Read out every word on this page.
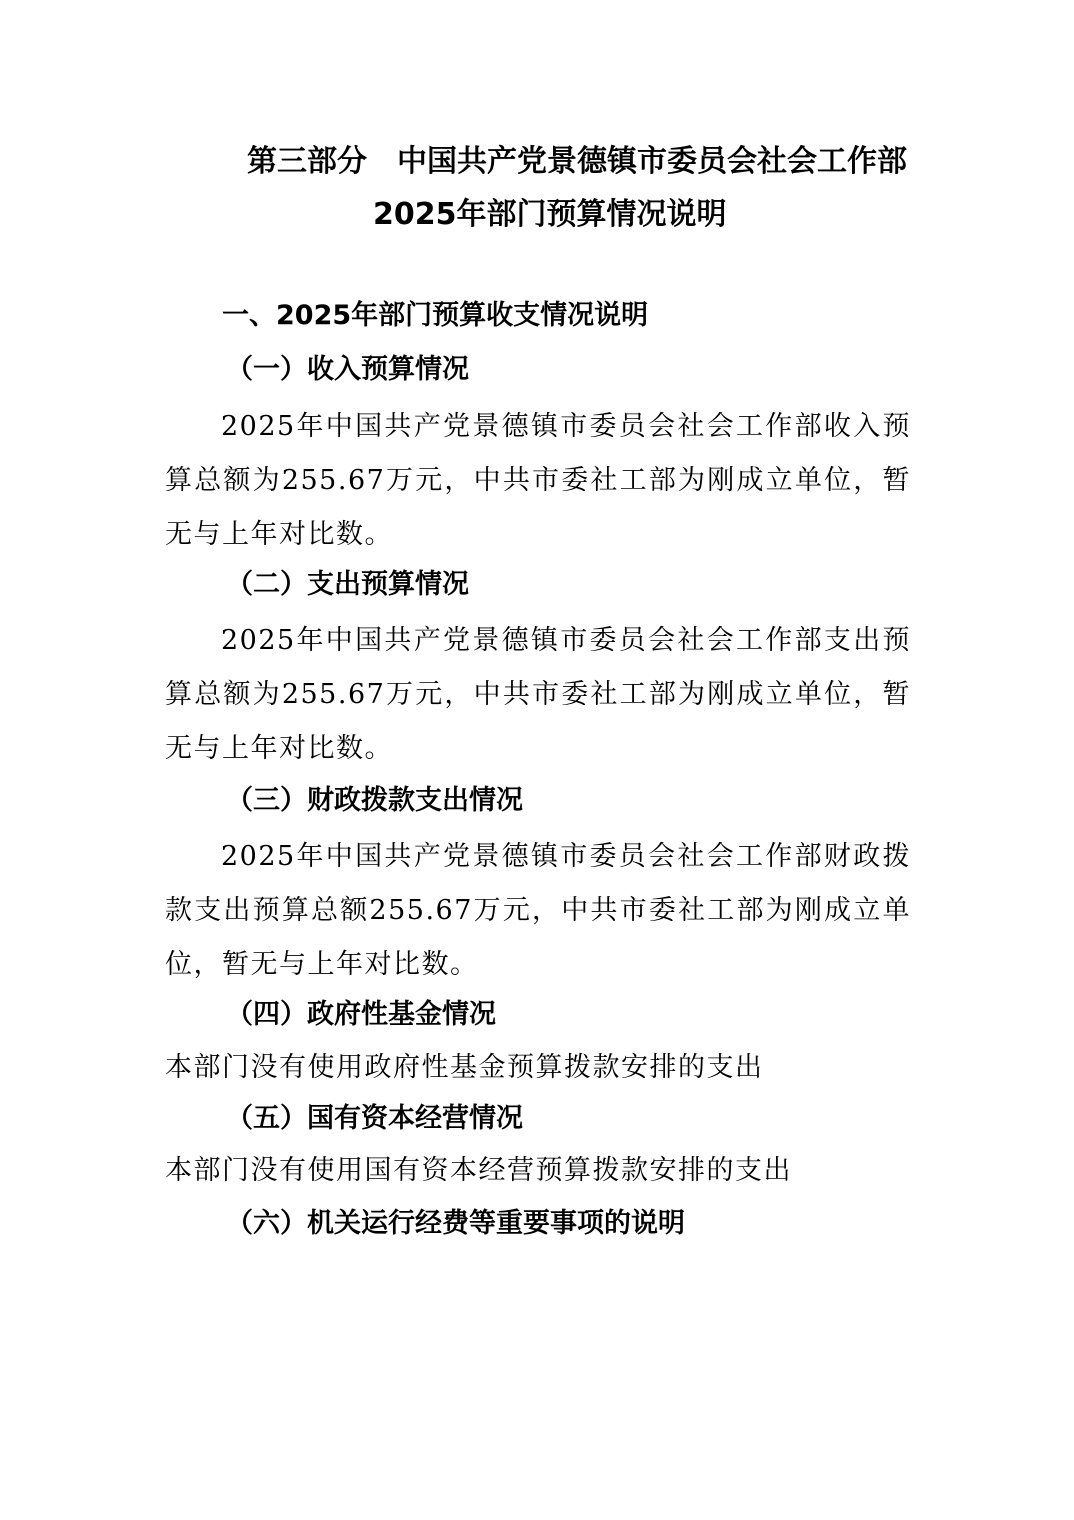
第三部分　中国共产党景德镇市委员会社会工作部
2025年部门预算情况说明
一、2025年部门预算收支情况说明
（一）收入预算情况
2025年中国共产党景德镇市委员会社会工作部收入预算总额为255.67万元，中共市委社工部为刚成立单位，暂无与上年对比数。
（二）支出预算情况
2025年中国共产党景德镇市委员会社会工作部支出预算总额为255.67万元，中共市委社工部为刚成立单位，暂无与上年对比数。
（三）财政拨款支出情况
2025年中国共产党景德镇市委员会社会工作部财政拨款支出预算总额255.67万元，中共市委社工部为刚成立单位，暂无与上年对比数。
（四）政府性基金情况
本部门没有使用政府性基金预算拨款安排的支出
（五）国有资本经营情况
本部门没有使用国有资本经营预算拨款安排的支出
（六）机关运行经费等重要事项的说明
